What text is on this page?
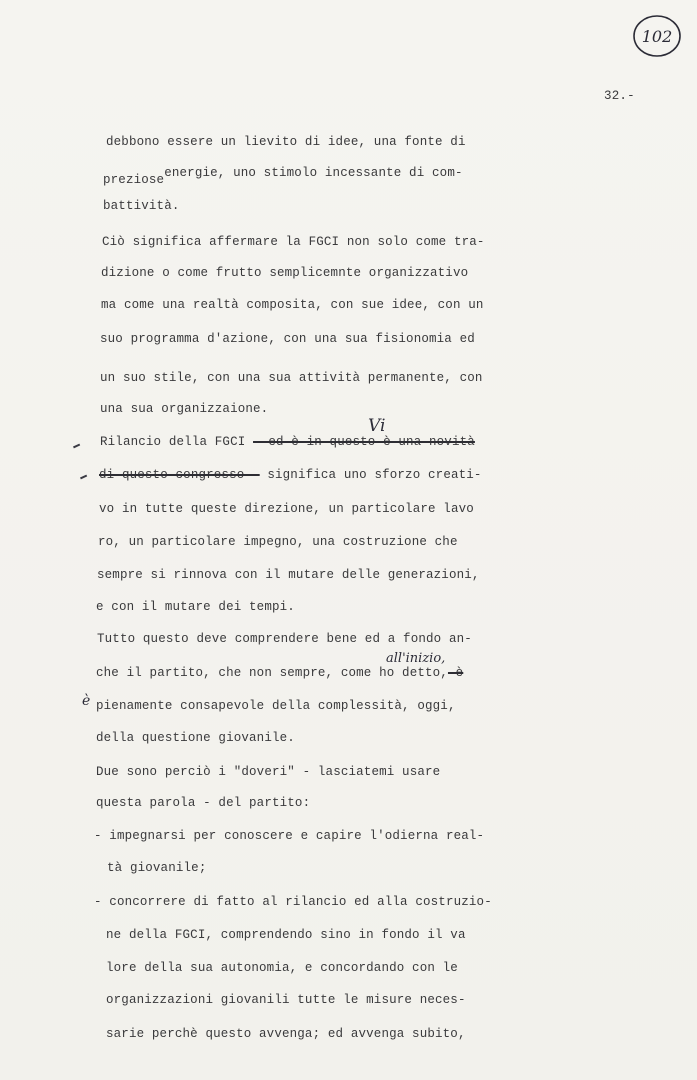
102
32.-
debbono essere un lievito di idee, una fonte di
prezioseenergie, uno stimolo incessante di com-
battività.
Ciò significa affermare la FGCI non solo come tra-
dizione o come frutto semplicemnte organizzativo
ma come una realtà composita, con sue idee, con un
suo programma d'azione, con una sua fisionomia ed
un suo stile, con una sua attività permanente, con
una sua organizzaione.
Rilancio della FGCI - ed è in questo è una novità
Vi
di questo congresso - significa uno sforzo creati-
vo in tutte queste direzione, un particolare lavo
ro, un particolare impegno, una costruzione che
sempre si rinnova con il mutare delle generazioni,
e con il mutare dei tempi.
Tutto questo deve comprendere bene ed a fondo an-
all'inizio,
che il partito, che non sempre, come ho detto, è
è pienamente consapevole della complessità, oggi,
della questione giovanile.
Due sono perciò i "doveri" - lasciatemi usare
questa parola - del partito:
- impegnarsi per conoscere e capire l'odierna real-
tà giovanile;
- concorrere di fatto al rilancio ed alla costruzio-
ne della FGCI, comprendendo sino in fondo il va
lore della sua autonomia, e concordando con le
organizzazioni giovanili tutte le misure neces-
sarie perchè questo avvenga; ed avvenga subito,
